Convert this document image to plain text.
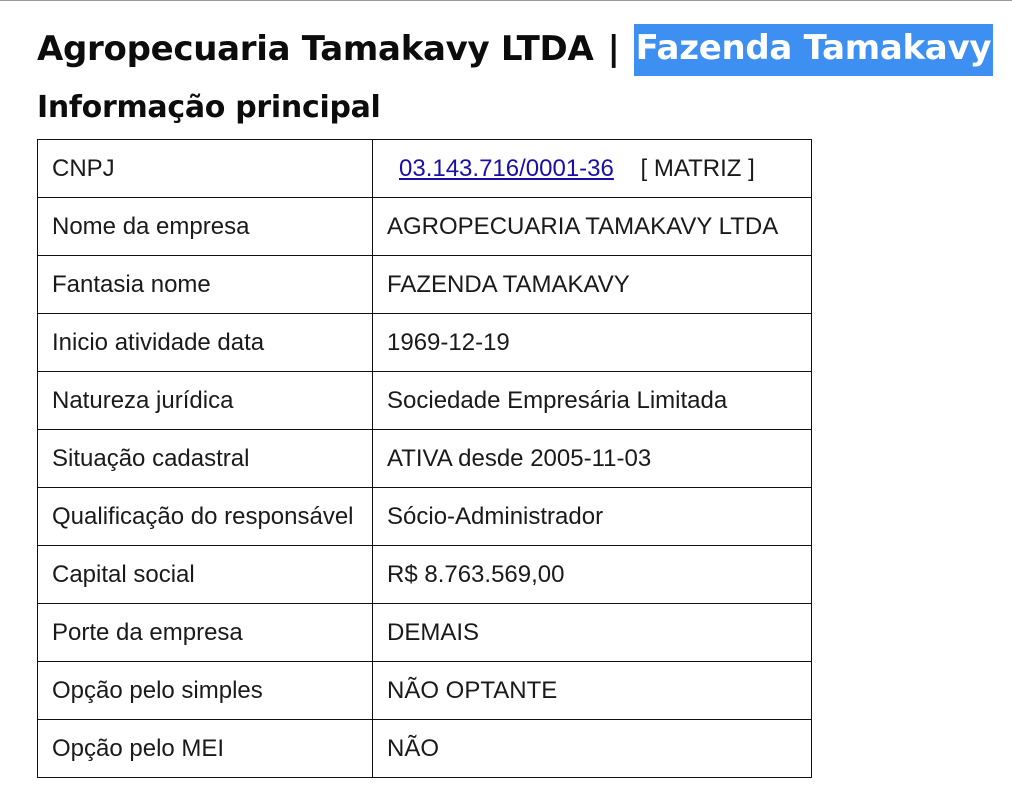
Agropecuaria Tamakavy LTDA | Fazenda Tamakavy
Informação principal
CNPJ	03.143.716/0001-36 [ MATRIZ ]
Nome da empresa	AGROPECUARIA TAMAKAVY LTDA
Fantasia nome	FAZENDA TAMAKAVY
Inicio atividade data	1969-12-19
Natureza jurídica	Sociedade Empresária Limitada
Situação cadastral	ATIVA desde 2005-11-03
Qualificação do responsável	Sócio-Administrador
Capital social	R$ 8.763.569,00
Porte da empresa	DEMAIS
Opção pelo simples	NÃO OPTANTE
Opção pelo MEI	NÃO
